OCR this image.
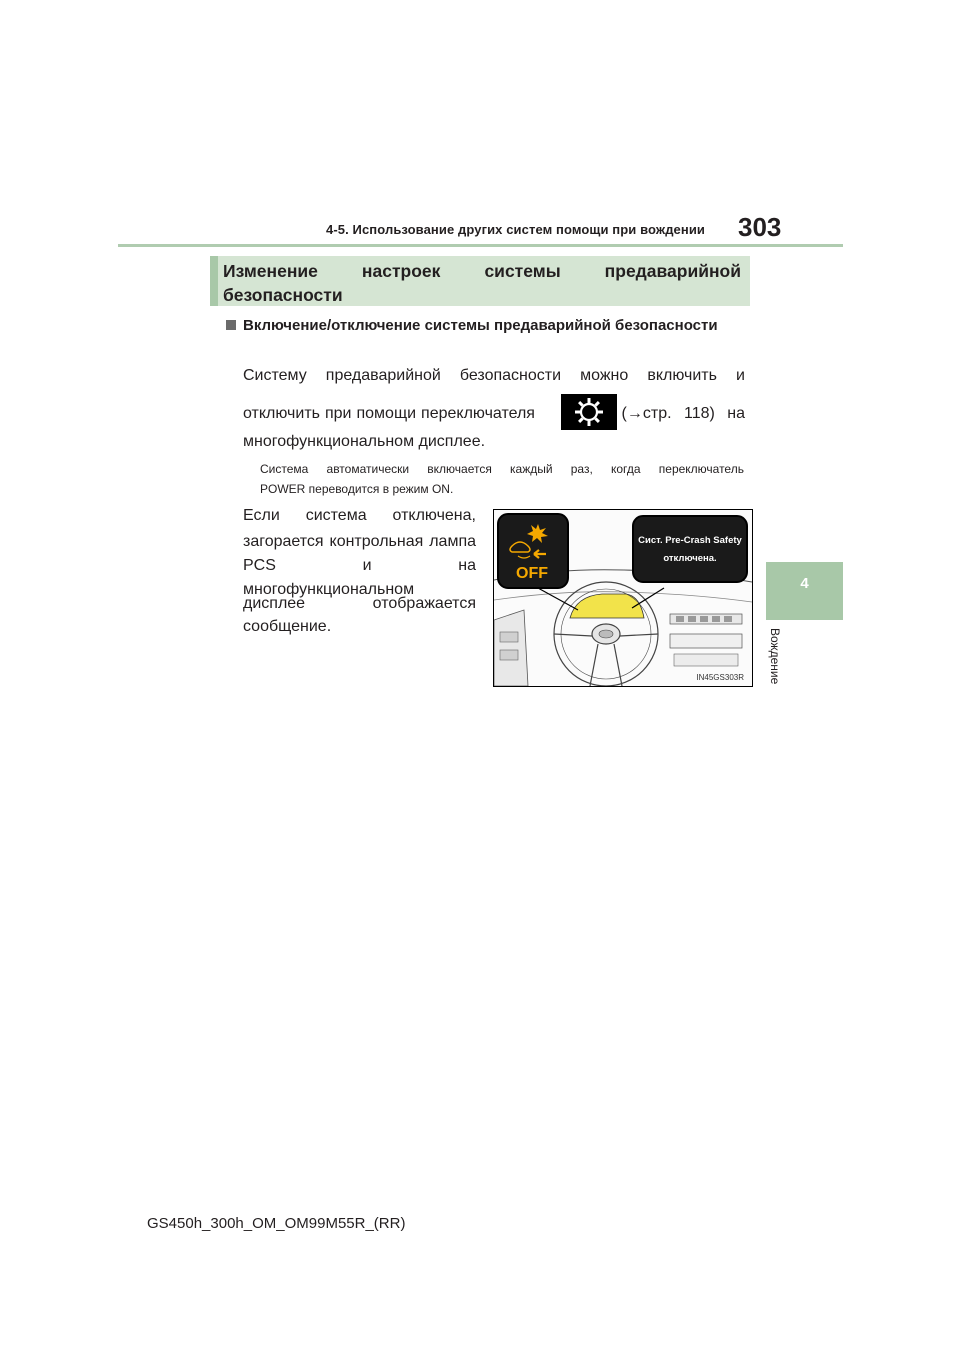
4-5. Использование других систем помощи при вождении 303
4
Вождение
Изменение настроек системы предаварийной безопасности
Включение/отключение системы предаварийной безопасности
Систему предаварийной безопасности можно включить и
отключить при помощи переключателя	(→стр. 118) на
многофункциональном дисплее.
Система автоматически включается каждый раз, когда переключатель
POWER переводится в режим ON.
Если система отключена,
загорается контрольная лампа
PCS	и	на
многофункциональном
дисплее	отображается
сообщение.
OFF
Сист. Pre-Crash Safety
отключена.
IN45GS303R
GS450h_300h_OM_OM99M55R_(RR)
